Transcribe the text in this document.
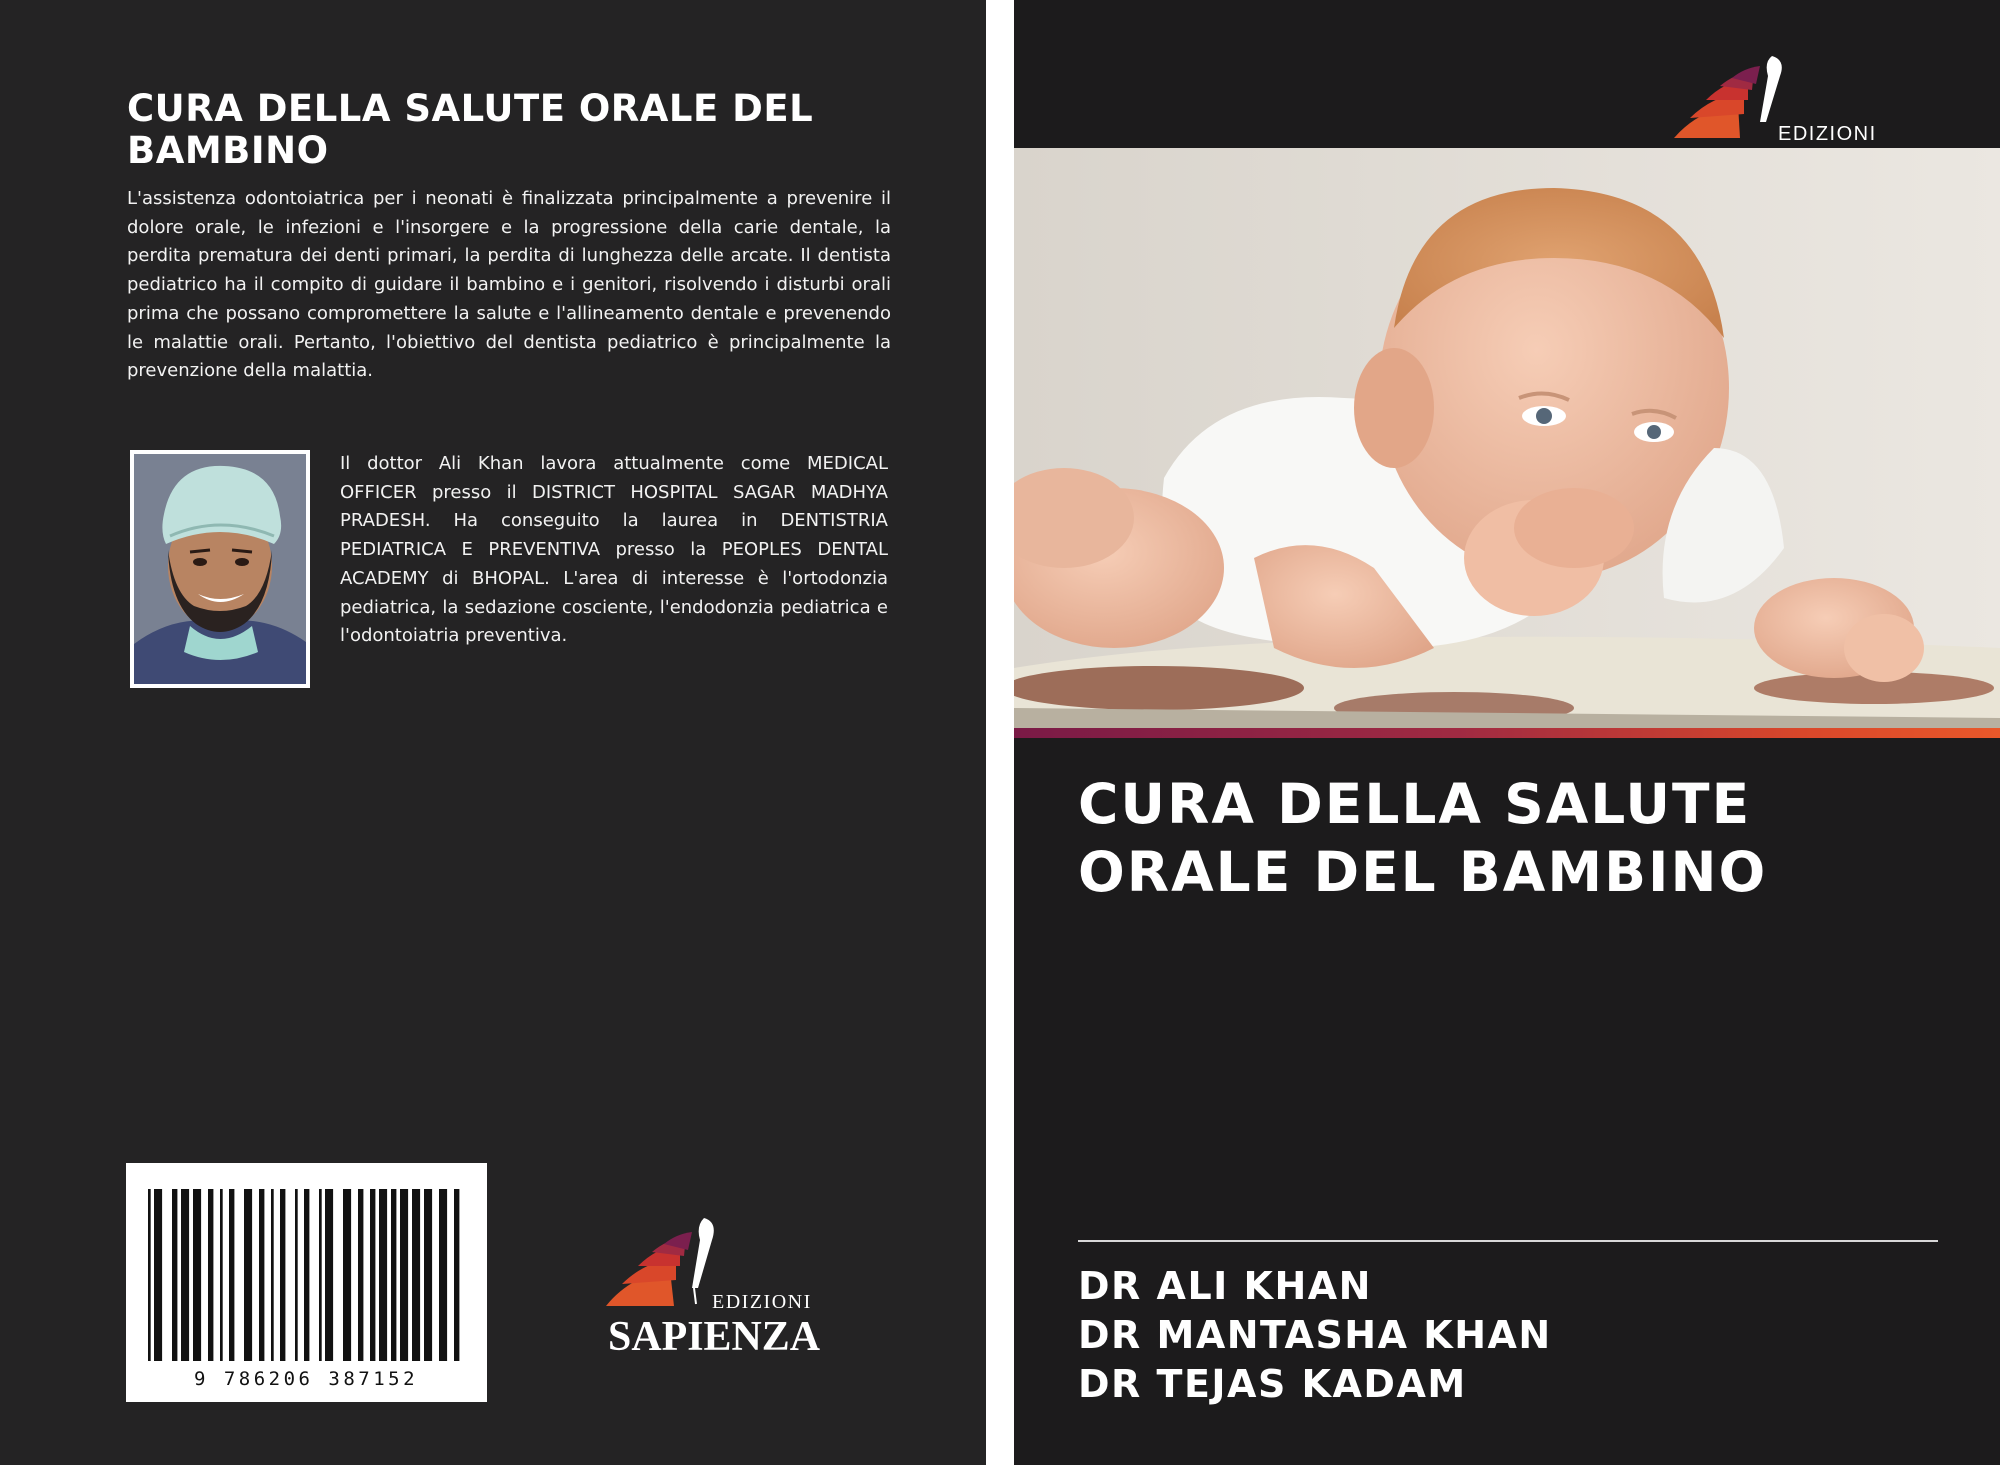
CURA DELLA SALUTE ORALE DEL BAMBINO

L'assistenza odontoiatrica per i neonati è finalizzata principalmente a prevenire il dolore orale, le infezioni e l'insorgere e la progressione della carie dentale, la perdita prematura dei denti primari, la perdita di lunghezza delle arcate. Il dentista pediatrico ha il compito di guidare il bambino e i genitori, risolvendo i disturbi orali prima che possano compromettere la salute e l'allineamento dentale e prevenendo le malattie orali. Pertanto, l'obiettivo del dentista pediatrico è principalmente la prevenzione della malattia.

Il dottor Ali Khan lavora attualmente come MEDICAL OFFICER presso il DISTRICT HOSPITAL SAGAR MADHYA PRADESH. Ha conseguito la laurea in DENTISTRIA PEDIATRICA E PREVENTIVA presso la PEOPLES DENTAL ACADEMY di BHOPAL. L'area di interesse è l'ortodonzia pediatrica, la sedazione cosciente, l'endodonzia pediatrica e l'odontoiatria preventiva.

9 786206 387152
EDIZIONI
SAPIENZA
EDIZIONI
CURA DELLA SALUTE ORALE DEL BAMBINO
DR ALI KHAN
DR MANTASHA KHAN
DR TEJAS KADAM
